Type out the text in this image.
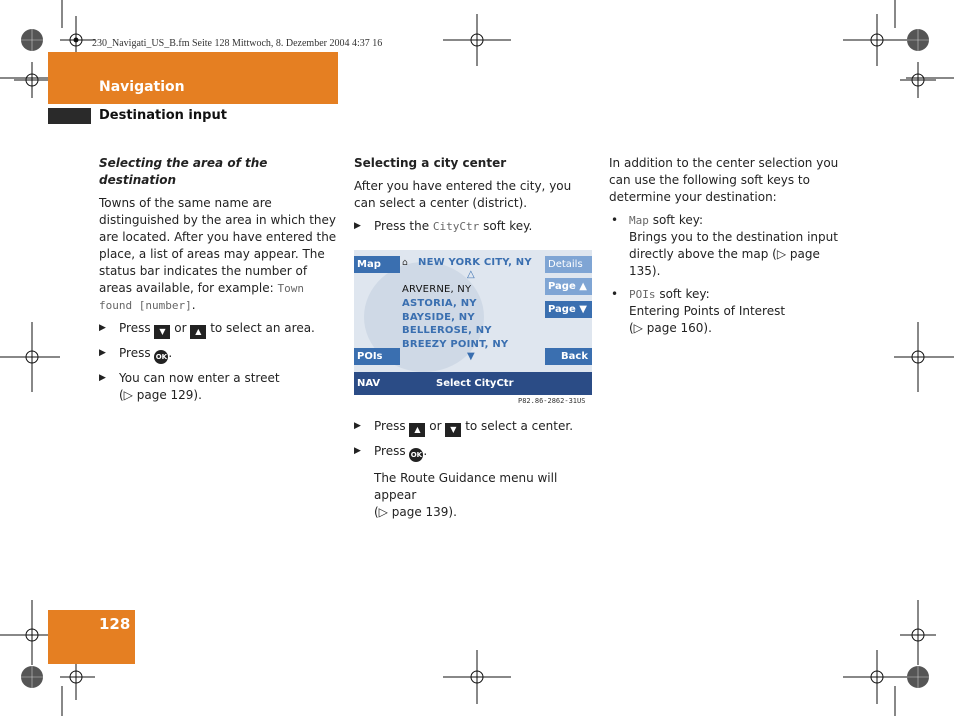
230_Navigati_US_B.fm Seite 128 Mittwoch, 8. Dezember 2004 4:37 16
Navigation
Destination input
Selecting the area of the destination

Towns of the same name are distinguished by the area in which they are located. After you have entered the place, a list of areas may appear. The status bar indicates the number of areas available, for example: Town found [number].

▶ Press ▼ or ▲ to select an area.
▶ Press OK.
▶ You can now enter a street
(▷ page 129).
Selecting a city center

After you have entered the city, you can select a center (district).

▶ Press the CityCtr soft key.
Map	Details
Page ▲
Page ▼
POIs	Back
⌂ NEW YORK CITY, NY
△
ARVERNE, NY
ASTORIA, NY
BAYSIDE, NY
BELLEROSE, NY
BREEZY POINT, NY
▼
NAV	Select CityCtr
P82.86-2862-31US
▶ Press ▲ or ▼ to select a center.
▶ Press OK.
The Route Guidance menu will appear
(▷ page 139).

In addition to the center selection you can use the following soft keys to determine your destination:

• Map soft key:
Brings you to the destination input directly above the map (▷ page 135).
• POIs soft key:
Entering Points of Interest
(▷ page 160).
128
